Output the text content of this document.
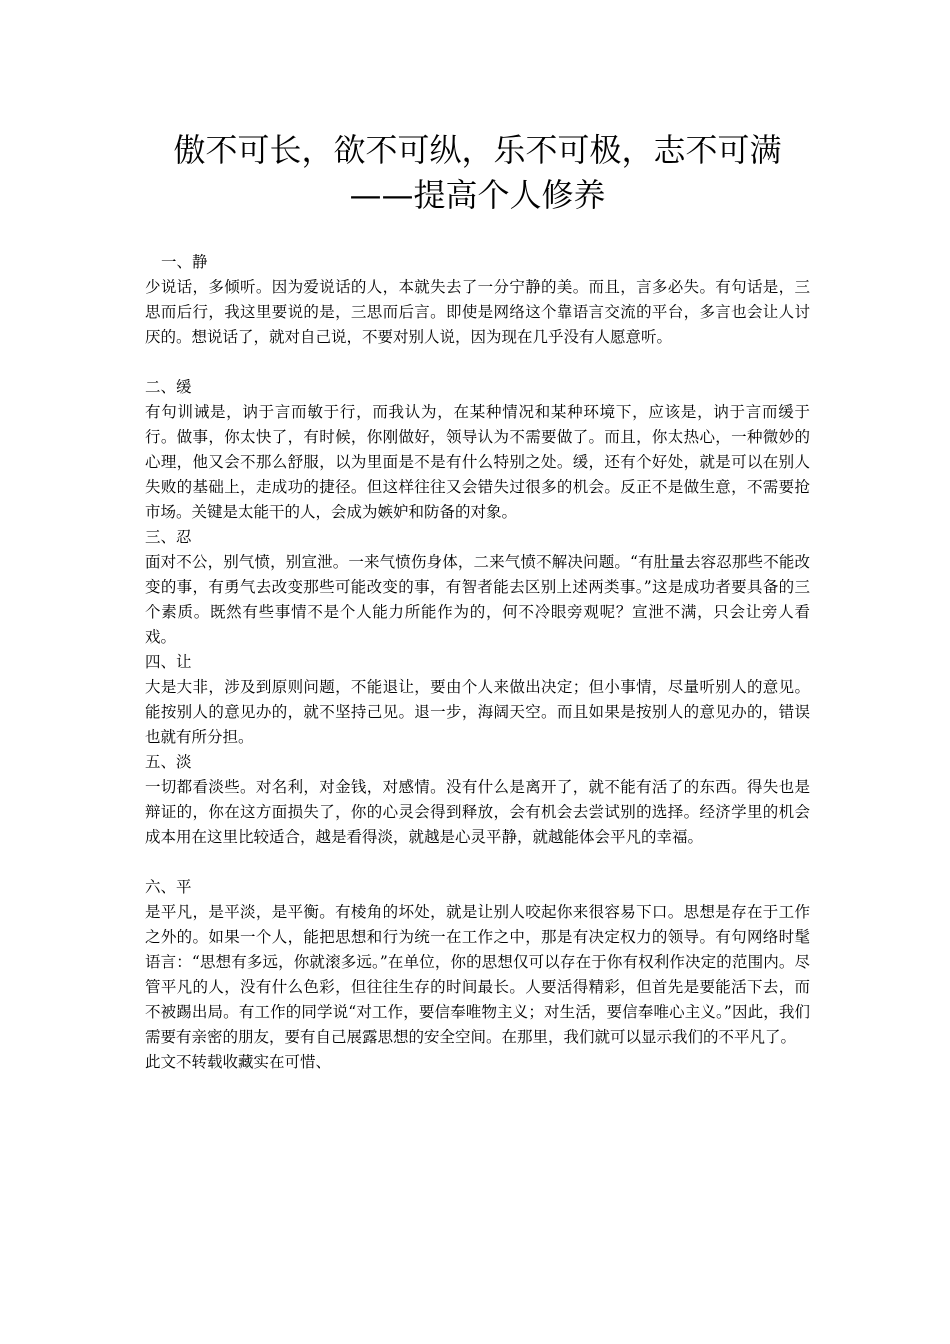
傲不可长，欲不可纵，乐不可极，志不可满——提高个人修养
一、静

少说话，多倾听。因为爱说话的人，本就失去了一分宁静的美。而且，言多必失。有句话是，三思而后行，我这里要说的是，三思而后言。即使是网络这个靠语言交流的平台，多言也会让人讨厌的。想说话了，就对自己说，不要对别人说，因为现在几乎没有人愿意听。

二、缓

有句训诫是，讷于言而敏于行，而我认为，在某种情况和某种环境下，应该是，讷于言而缓于行。做事，你太快了，有时候，你刚做好，领导认为不需要做了。而且，你太热心，一种微妙的心理，他又会不那么舒服，以为里面是不是有什么特别之处。缓，还有个好处，就是可以在别人失败的基础上，走成功的捷径。但这样往往又会错失过很多的机会。反正不是做生意，不需要抢市场。关键是太能干的人，会成为嫉妒和防备的对象。

三、忍

面对不公，别气愤，别宣泄。一来气愤伤身体，二来气愤不解决问题。“有肚量去容忍那些不能改变的事，有勇气去改变那些可能改变的事，有智者能去区别上述两类事。”这是成功者要具备的三个素质。既然有些事情不是个人能力所能作为的，何不冷眼旁观呢？宣泄不满，只会让旁人看戏。

四、让

大是大非，涉及到原则问题，不能退让，要由个人来做出决定；但小事情，尽量听别人的意见。能按别人的意见办的，就不坚持己见。退一步，海阔天空。而且如果是按别人的意见办的，错误也就有所分担。

五、淡

一切都看淡些。对名利，对金钱，对感情。没有什么是离开了，就不能有活了的东西。得失也是辩证的，你在这方面损失了，你的心灵会得到释放，会有机会去尝试别的选择。经济学里的机会成本用在这里比较适合，越是看得淡，就越是心灵平静，就越能体会平凡的幸福。

六、平

是平凡，是平淡，是平衡。有棱角的坏处，就是让别人咬起你来很容易下口。思想是存在于工作之外的。如果一个人，能把思想和行为统一在工作之中，那是有决定权力的领导。有句网络时髦语言：“思想有多远，你就滚多远。”在单位，你的思想仅可以存在于你有权利作决定的范围内。尽管平凡的人，没有什么色彩，但往往生存的时间最长。人要活得精彩，但首先是要能活下去，而不被踢出局。有工作的同学说“对工作，要信奉唯物主义；对生活，要信奉唯心主义。”因此，我们需要有亲密的朋友，要有自己展露思想的安全空间。在那里，我们就可以显示我们的不平凡了。

此文不转载收藏实在可惜、
